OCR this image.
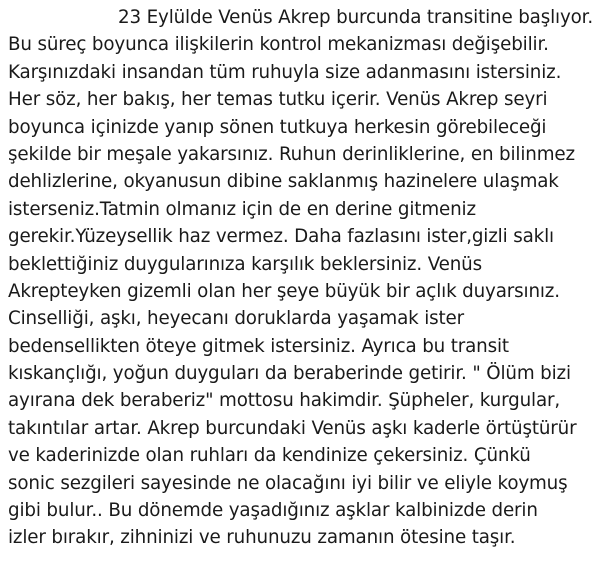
23 Eylülde Venüs Akrep burcunda transitine başlıyor.
Bu süreç boyunca ilişkilerin kontrol mekanizması değişebilir.
Karşınızdaki insandan tüm ruhuyla size adanmasını istersiniz.
Her söz, her bakış, her temas tutku içerir. Venüs Akrep seyri
boyunca içinizde yanıp sönen tutkuya herkesin görebileceği
şekilde bir meşale yakarsınız. Ruhun derinliklerine, en bilinmez
dehlizlerine, okyanusun dibine saklanmış hazinelere ulaşmak
isterseniz.Tatmin olmanız için de en derine gitmeniz
gerekir.Yüzeysellik haz vermez. Daha fazlasını ister,gizli saklı
beklettiğiniz duygularınıza karşılık beklersiniz. Venüs
Akrepteyken gizemli olan her şeye büyük bir açlık duyarsınız.
Cinselliği, aşkı, heyecanı doruklarda yaşamak ister
bedensellikten öteye gitmek istersiniz. Ayrıca bu transit
kıskançlığı, yoğun duyguları da beraberinde getirir. " Ölüm bizi
ayırana dek beraberiz" mottosu hakimdir. Şüpheler, kurgular,
takıntılar artar. Akrep burcundaki Venüs aşkı kaderle örtüştürür
ve kaderinizde olan ruhları da kendinize çekersiniz. Çünkü
sonic sezgileri sayesinde ne olacağını iyi bilir ve eliyle koymuş
gibi bulur.. Bu dönemde yaşadığınız aşklar kalbinizde derin
izler bırakır, zihninizi ve ruhunuzu zamanın ötesine taşır.
